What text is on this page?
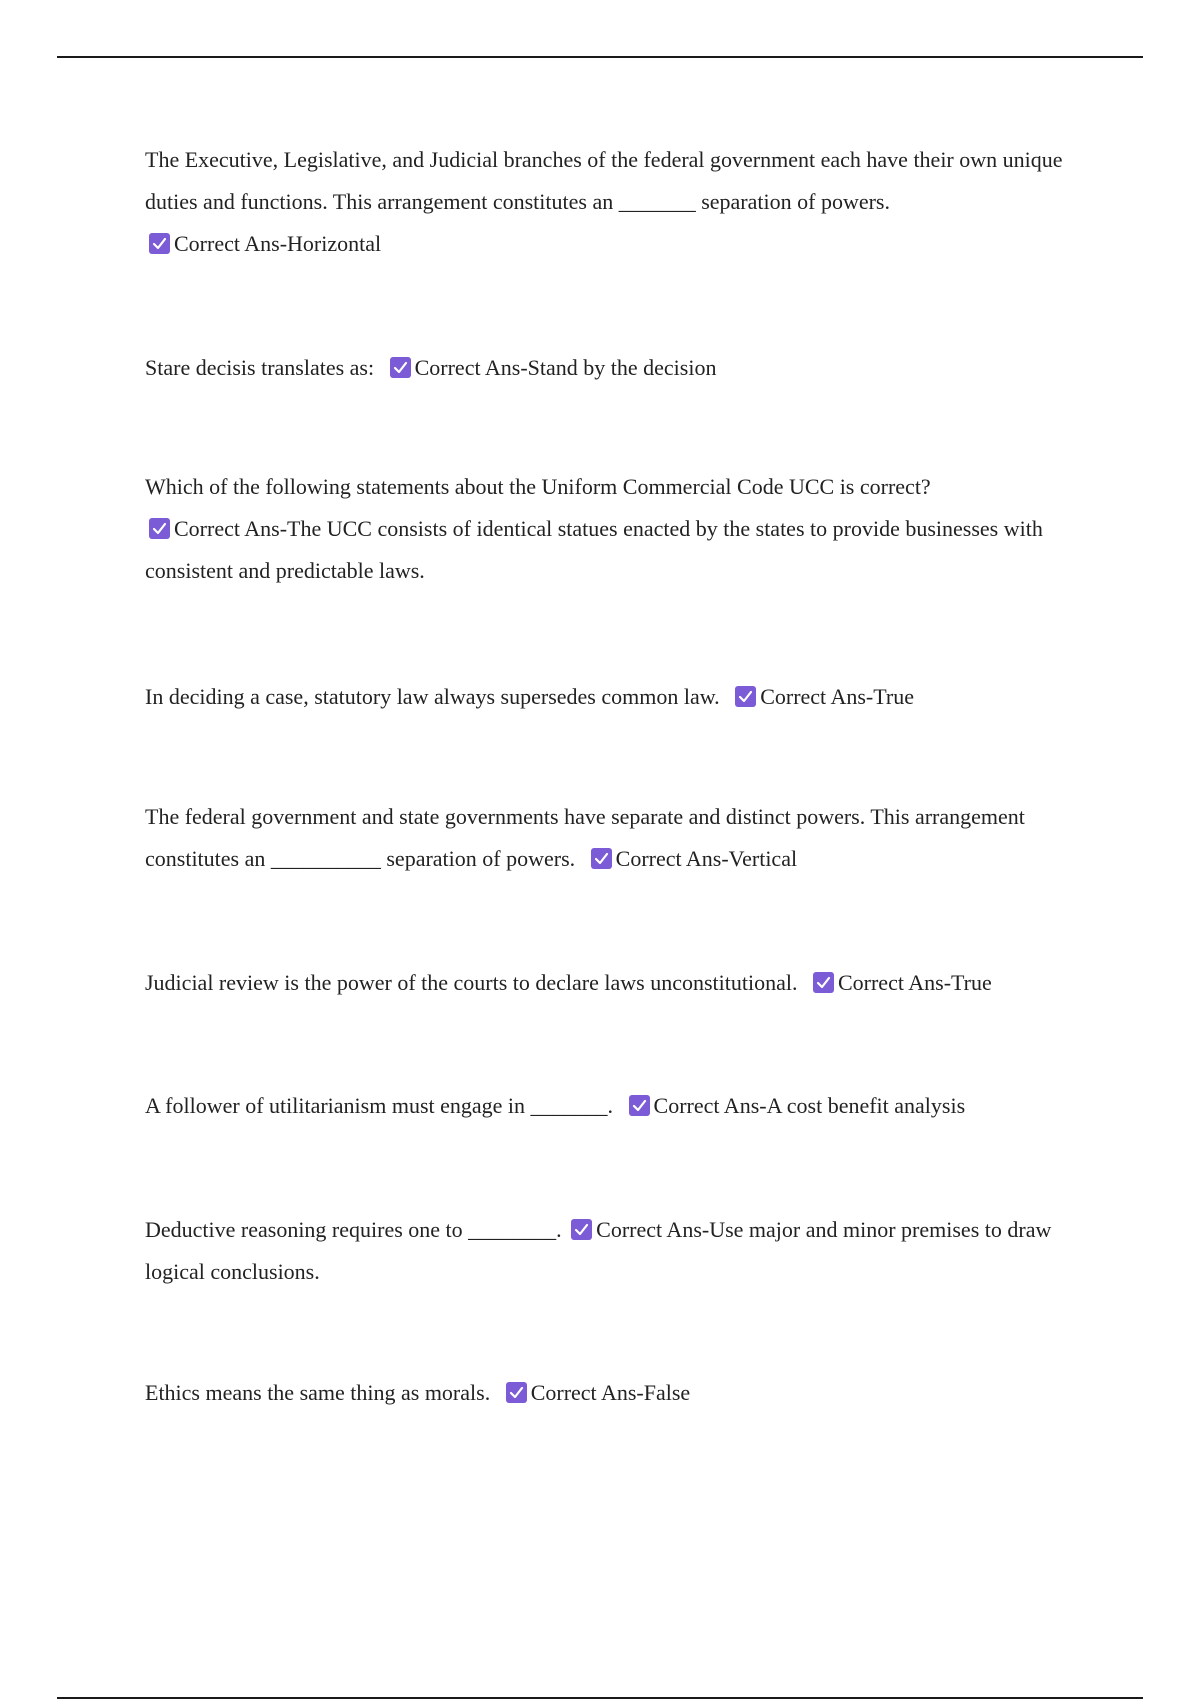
The Executive, Legislative, and Judicial branches of the federal government each have their own unique duties and functions. This arrangement constitutes an _______ separation of powers.
Correct Ans-Horizontal
Stare decisis translates as: Correct Ans-Stand by the decision
Which of the following statements about the Uniform Commercial Code UCC is correct?

Correct Ans-The UCC consists of identical statues enacted by the states to provide businesses with consistent and predictable laws.
In deciding a case, statutory law always supersedes common law. Correct Ans-True
The federal government and state governments have separate and distinct powers. This arrangement constitutes an __________ separation of powers. Correct Ans-Vertical
Judicial review is the power of the courts to declare laws unconstitutional. Correct Ans-True
A follower of utilitarianism must engage in _______. Correct Ans-A cost benefit analysis
Deductive reasoning requires one to ________. Correct Ans-Use major and minor premises to draw logical conclusions.
Ethics means the same thing as morals. Correct Ans-False
